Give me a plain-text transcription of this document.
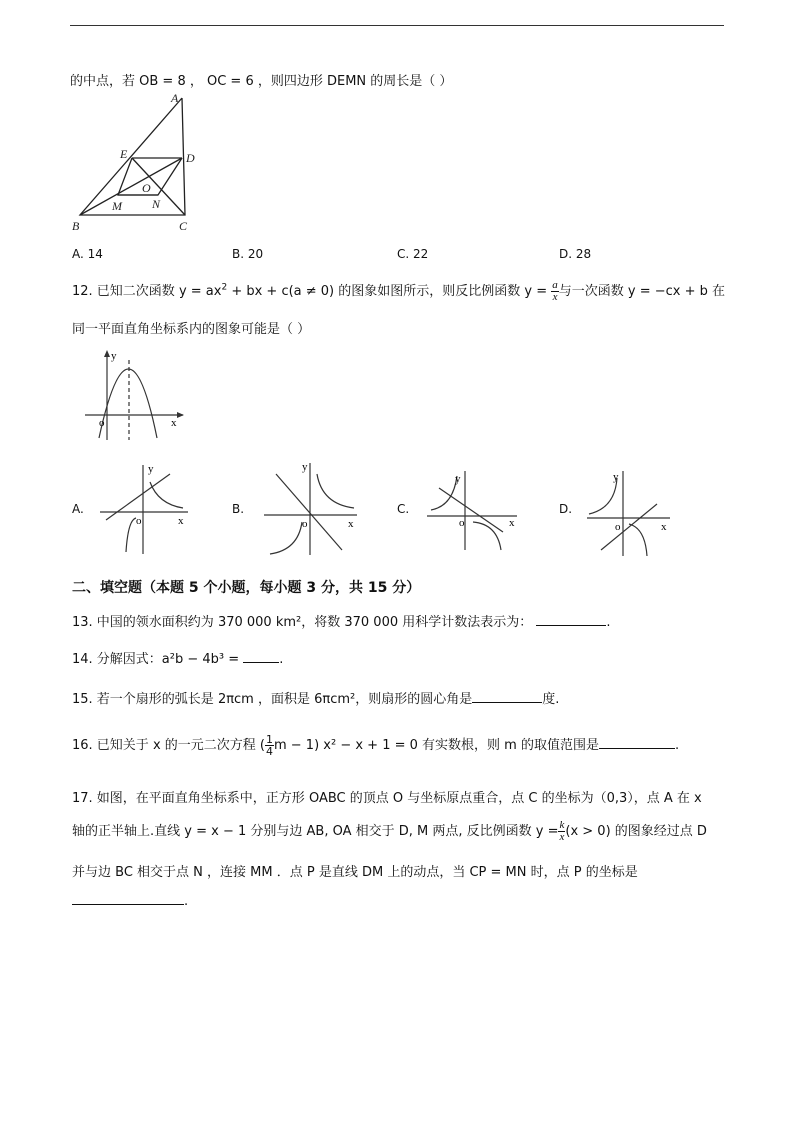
的中点，若 OB = 8 ， OC = 6 ，则四边形 DEMN 的周长是（ ）
A
E	D
O
M	N
B	C
A. 14	B. 20	C. 22	D. 28
12. 已知二次函数 $y = ax^2$ + bx + c(a ≠ 0) 的图象如图所示，则反比例函数 $y = \frac{a}{x}$ 与一次函数 y = −cx + b 在
同一平面直角坐标系内的图象可能是（ ）
y
x
o
A.
y
x
o
B.
y
x
o
C.
y
x
o
D.
y
x
o
二、填空题（本题 5 个小题，每小题 3 分，共 15 分）
13. 中国的领水面积约为 370 000 km²，将数 370 000 用科学计数法表示为：	.
14. 分解因式：a²b − 4b³ =	.
15. 若一个扇形的弧长是 2πcm ，面积是 6πcm²，则扇形的圆心角是	度.
16. 已知关于 x 的一元二次方程 ( $\frac{1}{4}$ m − 1) x² − x + 1 = 0 有实数根，则 m 的取值范围是	.
17. 如图，在平面直角坐标系中，正方形 OABC 的顶点 O 与坐标原点重合，点 C 的坐标为（0,3），点 A 在 x
轴的正半轴上.直线 y = x − 1 分别与边 AB, OA 相交于 D, M 两点, 反比例函数 $y = \frac{k}{x} (x > 0)$ 的图象经过点 D
并与边 BC 相交于点 N ，连接 MM ．点 P 是直线 DM 上的动点，当 CP = MN 时，点 P 的坐标是
.
